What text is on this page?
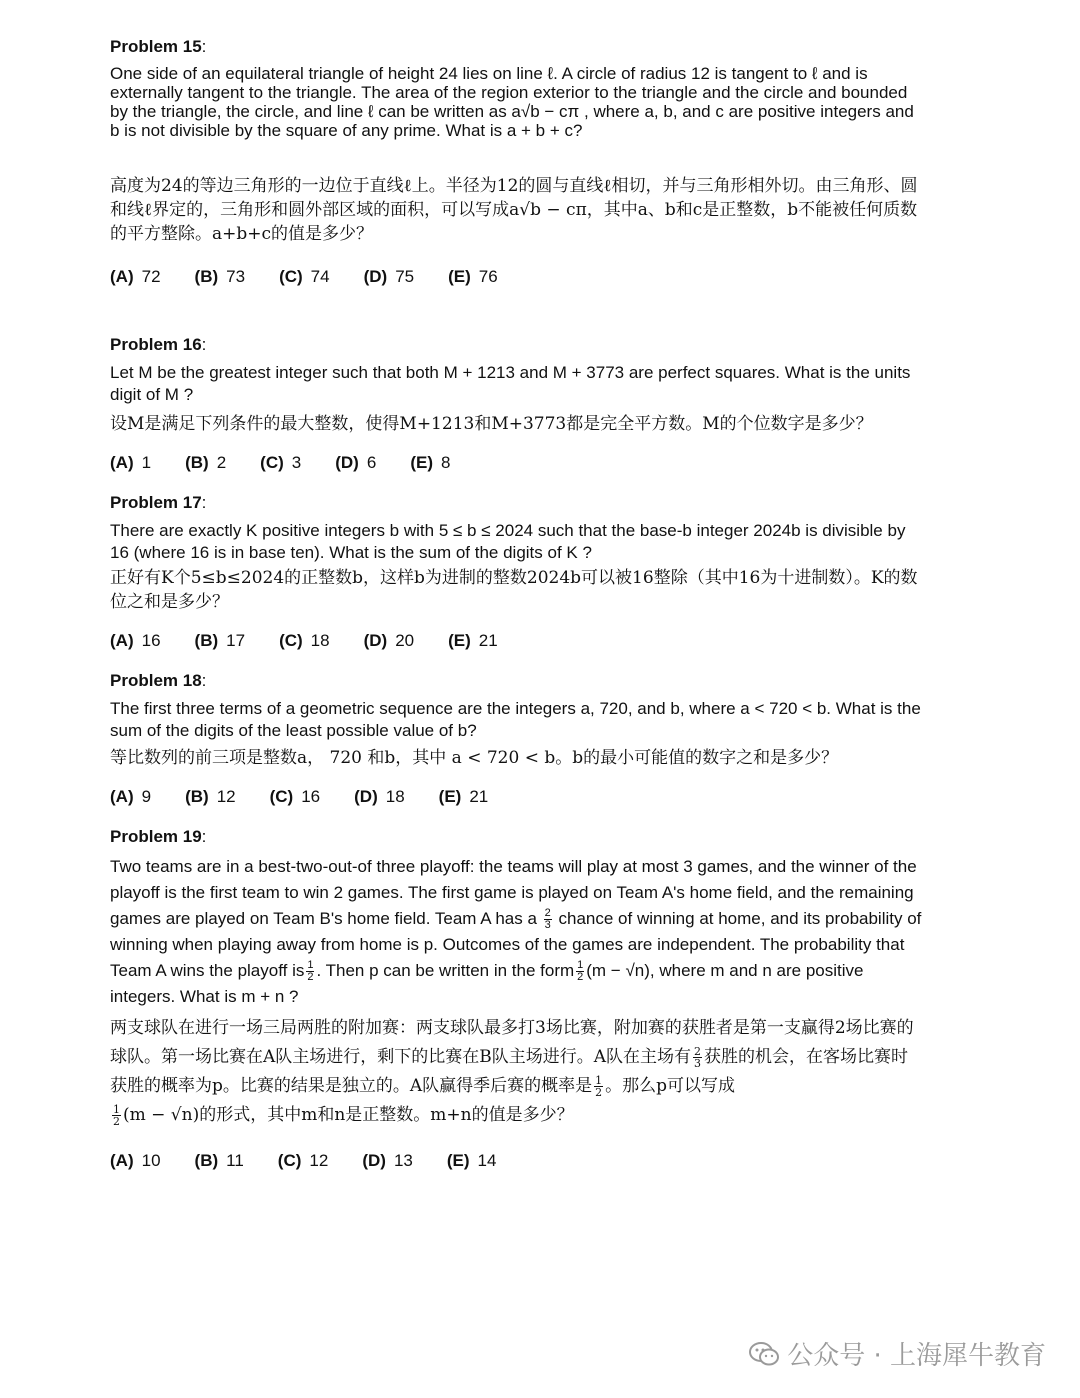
Problem 15:

One side of an equilateral triangle of height 24 lies on line ℓ. A circle of radius 12 is tangent to ℓ and is externally tangent to the triangle. The area of the region exterior to the triangle and the circle and bounded by the triangle, the circle, and line ℓ can be written as a√b − cπ , where a, b, and c are positive integers and b is not divisible by the square of any prime. What is a + b + c?

高度为24的等边三角形的一边位于直线ℓ上。半径为12的圆与直线ℓ相切，并与三角形相外切。由三角形、圆和线ℓ界定的，三角形和圆外部区域的面积，可以写成a√b − cπ，其中a、b和c是正整数，b不能被任何质数的平方整除。a+b+c的值是多少？

(A) 72 (B) 73 (C) 74 (D) 75 (E) 76
Problem 16:

Let M be the greatest integer such that both M + 1213 and M + 3773 are perfect squares. What is the units digit of M ?

设M是满足下列条件的最大整数，使得M+1213和M+3773都是完全平方数。M的个位数字是多少？

(A) 1 (B) 2 (C) 3 (D) 6 (E) 8
Problem 17:

There are exactly K positive integers b with 5 ≤ b ≤ 2024 such that the base-b integer 2024b is divisible by 16 (where 16 is in base ten). What is the sum of the digits of K ?

正好有K个5≤b≤2024的正整数b，这样b为进制的整数2024b可以被16整除（其中16为十进制数）。K的数位之和是多少？

(A) 16 (B) 17 (C) 18 (D) 20 (E) 21
Problem 18:

The first three terms of a geometric sequence are the integers a, 720, and b, where a < 720 < b. What is the sum of the digits of the least possible value of b?

等比数列的前三项是整数a， 720 和b，其中 a < 720 < b。b的最小可能值的数字之和是多少？

(A) 9 (B) 12 (C) 16 (D) 18 (E) 21
Problem 19:

Two teams are in a best-two-out-of three playoff: the teams will play at most 3 games, and the winner of the playoff is the first team to win 2 games. The first game is played on Team A's home field, and the remaining games are played on Team B's home field. Team A has a $\frac{2}{3}$ chance of winning at home, and its probability of winning when playing away from home is p. Outcomes of the games are independent. The probability that Team A wins the playoff is $\frac{1}{2}$ . Then p can be written in the form $\frac{1}{2} (m - √n)$, where m and n are positive integers. What is m + n ?

两支球队在进行一场三局两胜的附加赛：两支球队最多打3场比赛，附加赛的获胜者是第一支赢得2场比赛的球队。第一场比赛在A队主场进行，剩下的比赛在B队主场进行。A队在主场有 $\frac{2}{3}$ 获胜的机会，在客场比赛时获胜的概率为p。比赛的结果是独立的。A队赢得季后赛的概率是 $\frac{1}{2}$ 。那么p可以写成

$\frac{1}{2} (m - √n)$的形式，其中m和n是正整数。m+n的值是多少？

(A) 10 (B) 11 (C) 12 (D) 13 (E) 14
公众号 · 上海犀牛教育
